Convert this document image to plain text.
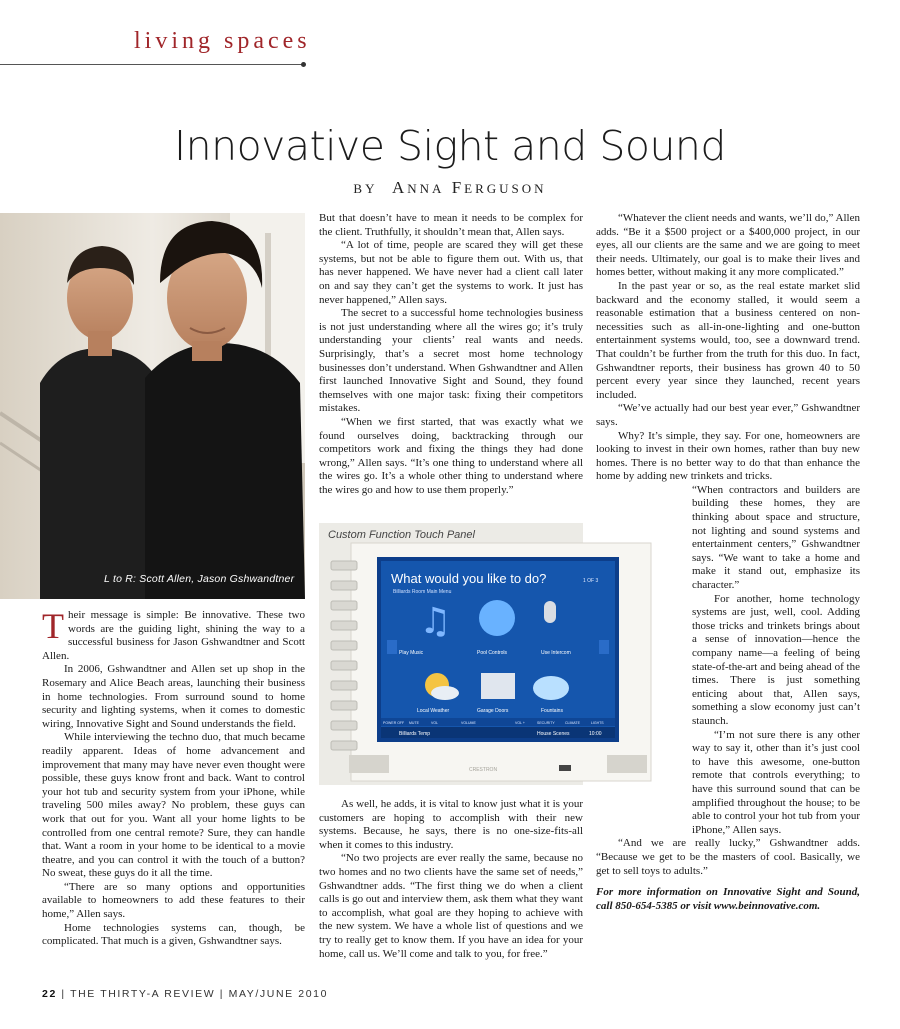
living spaces
Innovative Sight and Sound
BY ANNA FERGUSON
L to R: Scott Allen, Jason Gshwandtner	What would you like to do?	1 OF 3
Billiards Room Main Menu
♫
Play Music	Pool Controls	Use Intercom
Local Weather	Garage Doors	Fountains
POWER OFF MUTE	VOL	VOLUME	VOL +	SECURITY	CLIMATE	LIGHTS
Billiards Temp	House Scenes	10:00
CRESTRON
Custom Function Touch Panel

Their message is simple: Be innovative. These two words are the guiding light, shining the way to a successful business for Jason Gshwandtner and Scott Allen.

In 2006, Gshwandtner and Allen set up shop in the Rosemary and Alice Beach areas, launching their business in home technologies. From surround sound to home security and lighting systems, when it comes to domestic wiring, Innovative Sight and Sound understands the field.

While interviewing the techno duo, that much became readily apparent. Ideas of home advancement and improvement that many may have never even thought were possible, these guys know front and back. Want to control your hot tub and security system from your iPhone, while traveling 500 miles away? No problem, these guys can work that out for you. Want all your home lights to be controlled from one central remote? Sure, they can handle that. Want a room in your home to be identical to a movie theatre, and you can control it with the touch of a button? No sweat, these guys do it all the time.

“There are so many options and opportunities available to homeowners to add these features to their home,” Allen says.

Home technologies systems can, though, be complicated. That much is a given, Gshwandtner says.

But that doesn’t have to mean it needs to be complex for the client. Truthfully, it shouldn’t mean that, Allen says.

“A lot of time, people are scared they will get these systems, but not be able to figure them out. With us, that has never happened. We have never had a client call later on and say they can’t get the systems to work. It just has never happened,” Allen says.

The secret to a successful home technologies business is not just understanding where all the wires go; it’s truly understanding your clients’ real wants and needs. Surprisingly, that’s a secret most home technology businesses don’t understand. When Gshwandtner and Allen first launched Innovative Sight and Sound, they found themselves with one major task: fixing their competitors mistakes.

“When we first started, that was exactly what we found ourselves doing, backtracking through our competitors work and fixing the things they had done wrong,” Allen says. “It’s one thing to understand where all the wires go. It’s a whole other thing to understand where the wires go and how to use them properly.”

As well, he adds, it is vital to know just what it is your customers are hoping to accomplish with their new systems. Because, he says, there is no one-size-fits-all when it comes to this industry.

“No two projects are ever really the same, because no two homes and no two clients have the same set of needs,” Gshwandtner adds. “The first thing we do when a client calls is go out and interview them, ask them what they want to accomplish, what goal are they hoping to achieve with the new system. We have a whole list of questions and we try to really get to know them. If you have an idea for your home, call us. We’ll come and talk to you, for free.”

“Whatever the client needs and wants, we’ll do,” Allen adds. “Be it a $500 project or a $400,000 project, in our eyes, all our clients are the same and we are going to meet their needs. Ultimately, our goal is to make their lives and homes better, without making it any more complicated.”

In the past year or so, as the real estate market slid backward and the economy stalled, it would seem a reasonable estimation that a business centered on non-necessities such as all-in-one-lighting and one-button entertainment systems would, too, see a downward trend. That couldn’t be further from the truth for this duo. In fact, Gshwandtner reports, their business has grown 40 to 50 percent every year since they launched, recent years included.

“We’ve actually had our best year ever,” Gshwandtner says.

Why? It’s simple, they say. For one, homeowners are looking to invest in their own homes, rather than buy new homes. There is no better way to do that than enhance the home by adding new trinkets and tricks.

“When contractors and builders are building these homes, they are thinking about space and structure, not lighting and sound systems and entertainment centers,” Gshwandtner says. “We want to take a home and make it stand out, emphasize its character.”

For another, home technology systems are just, well, cool. Adding those tricks and trinkets brings about a sense of innovation—hence the company name—a feeling of being state-of-the-art and being ahead of the times. There is just something enticing about that, Allen says, something a slow economy just can’t staunch.

“I’m not sure there is any other way to say it, other than it’s just cool to have this awesome, one-button remote that controls everything; to have this surround sound that can be amplified throughout the house; to be able to control your hot tub from your iPhone,” Allen says.

“And we are really lucky,” Gshwandtner adds. “Because we get to be the masters of cool. Basically, we get to sell toys to adults.”

For more information on Innovative Sight and Sound, call 850-654-5385 or visit www.beinnovative.com.

22 | THE THIRTY-A REVIEW | MAY/JUNE 2010
